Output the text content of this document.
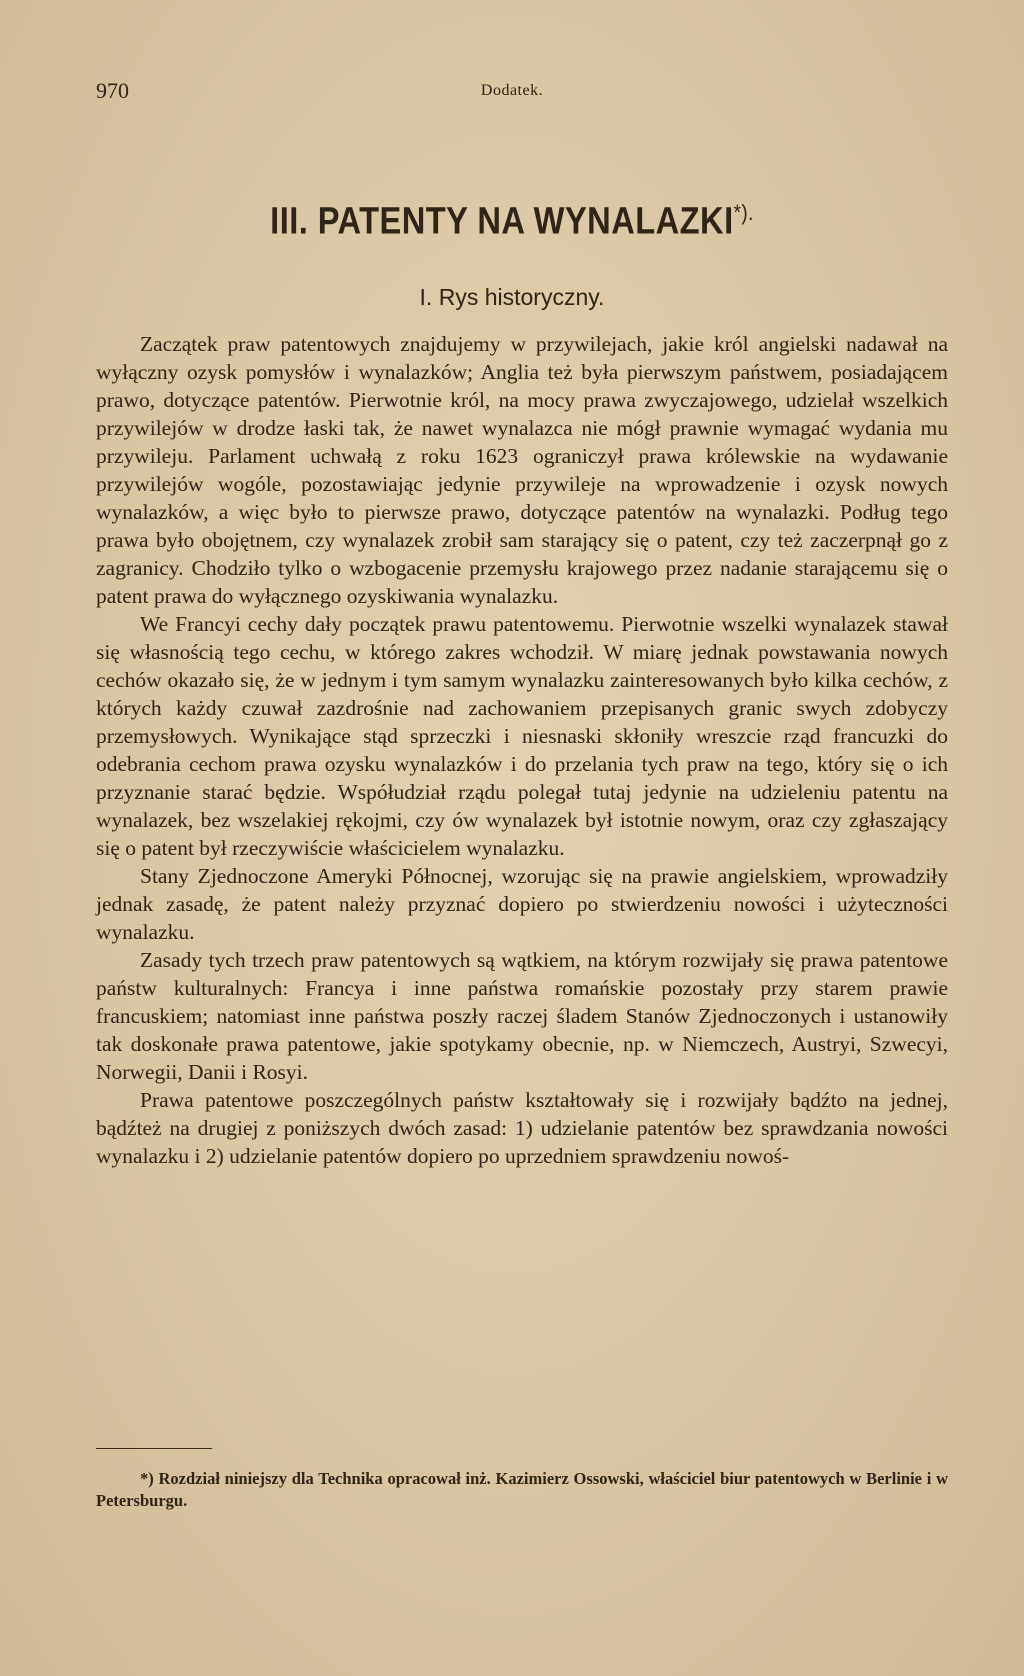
970	Dodatek.
III. PATENTY NA WYNALAZKI*).
I. Rys historyczny.

Zaczątek praw patentowych znajdujemy w przywilejach, jakie król angielski nadawał na wyłączny ozysk pomysłów i wynalazków; Anglia też była pierwszym państwem, posiadającem prawo, dotyczące patentów. Pierwotnie król, na mocy prawa zwyczajowego, udzielał wszelkich przywilejów w drodze łaski tak, że nawet wynalazca nie mógł prawnie wymagać wydania mu przywileju. Parlament uchwałą z roku 1623 ograniczył prawa królewskie na wydawanie przywilejów wogóle, pozostawiając jedynie przywileje na wprowadzenie i ozysk nowych wynalazków, a więc było to pierwsze prawo, dotyczące patentów na wynalazki. Podług tego prawa było obojętnem, czy wynalazek zrobił sam starający się o patent, czy też zaczerpnął go z zagranicy. Chodziło tylko o wzbogacenie przemysłu krajowego przez nadanie starającemu się o patent prawa do wyłącznego ozyskiwania wynalazku.

We Francyi cechy dały początek prawu patentowemu. Pierwotnie wszelki wynalazek stawał się własnością tego cechu, w którego zakres wchodził. W miarę jednak powstawania nowych cechów okazało się, że w jednym i tym samym wynalazku zainteresowanych było kilka cechów, z których każdy czuwał zazdrośnie nad zachowaniem przepisanych granic swych zdobyczy przemysłowych. Wynikające stąd sprzeczki i niesnaski skłoniły wreszcie rząd francuzki do odebrania cechom prawa ozysku wynalazków i do przelania tych praw na tego, który się o ich przyznanie starać będzie. Współudział rządu polegał tutaj jedynie na udzieleniu patentu na wynalazek, bez wszelakiej rękojmi, czy ów wynalazek był istotnie nowym, oraz czy zgłaszający się o patent był rzeczywiście właścicielem wynalazku.

Stany Zjednoczone Ameryki Północnej, wzorując się na prawie angielskiem, wprowadziły jednak zasadę, że patent należy przyznać dopiero po stwierdzeniu nowości i użyteczności wynalazku.

Zasady tych trzech praw patentowych są wątkiem, na którym rozwijały się prawa patentowe państw kulturalnych: Francya i inne państwa romańskie pozostały przy starem prawie francuskiem; natomiast inne państwa poszły raczej śladem Stanów Zjednoczonych i ustanowiły tak doskonałe prawa patentowe, jakie spotykamy obecnie, np. w Niemczech, Austryi, Szwecyi, Norwegii, Danii i Rosyi.

Prawa patentowe poszczególnych państw kształtowały się i rozwijały bądźto na jednej, bądźteż na drugiej z poniższych dwóch zasad: 1) udzielanie patentów bez sprawdzania nowości wynalazku i 2) udzielanie patentów dopiero po uprzedniem sprawdzeniu nowoś-

*) Rozdział niniejszy dla Technika opracował inż. Kazimierz Ossowski, właściciel biur patentowych w Berlinie i w Petersburgu.
